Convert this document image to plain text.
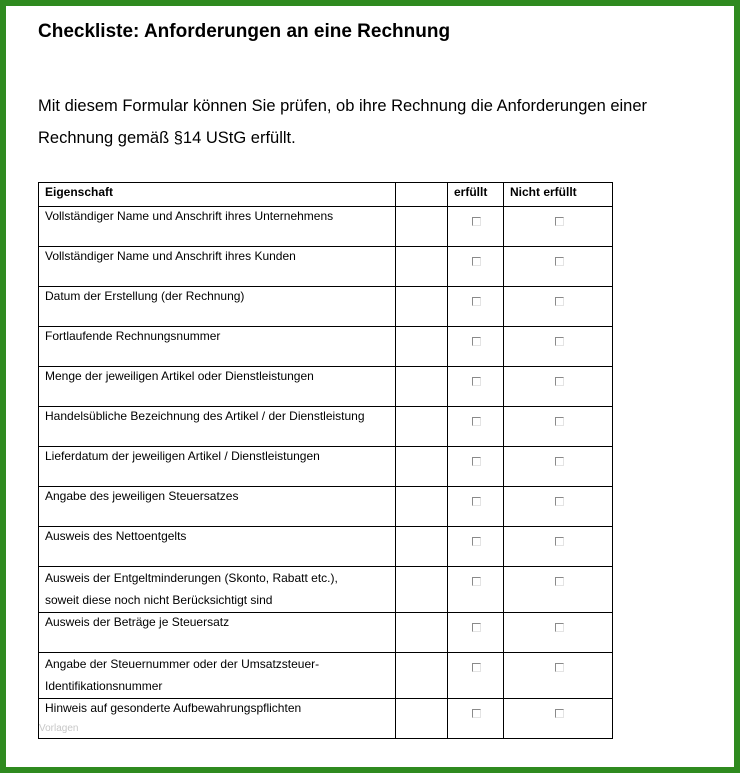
Checkliste: Anforderungen an eine Rechnung

Mit diesem Formular können Sie prüfen, ob ihre Rechnung die Anforderungen einer
Rechnung gemäß §14 UStG erfüllt.

Eigenschaft		erfüllt	Nicht erfüllt

Vollständiger Name und Anschrift ihres Unternehmens			

Vollständiger Name und Anschrift ihres Kunden			

Datum der Erstellung (der Rechnung)			

Fortlaufende Rechnungsnummer			

Menge der jeweiligen Artikel oder Dienstleistungen			

Handelsübliche Bezeichnung des Artikel / der Dienstleistung			

Lieferdatum der jeweiligen Artikel / Dienstleistungen			

Angabe des jeweiligen Steuersatzes			

Ausweis des Nettoentgelts			

Ausweis der Entgeltminderungen (Skonto, Rabatt etc.),
soweit diese noch nicht Berücksichtigt sind			

Ausweis der Beträge je Steuersatz			

Angabe der Steuernummer oder der Umsatzsteuer-
Identifikationsnummer			

Hinweis auf gesonderte Aufbewahrungspflichten			

Vorlagen
